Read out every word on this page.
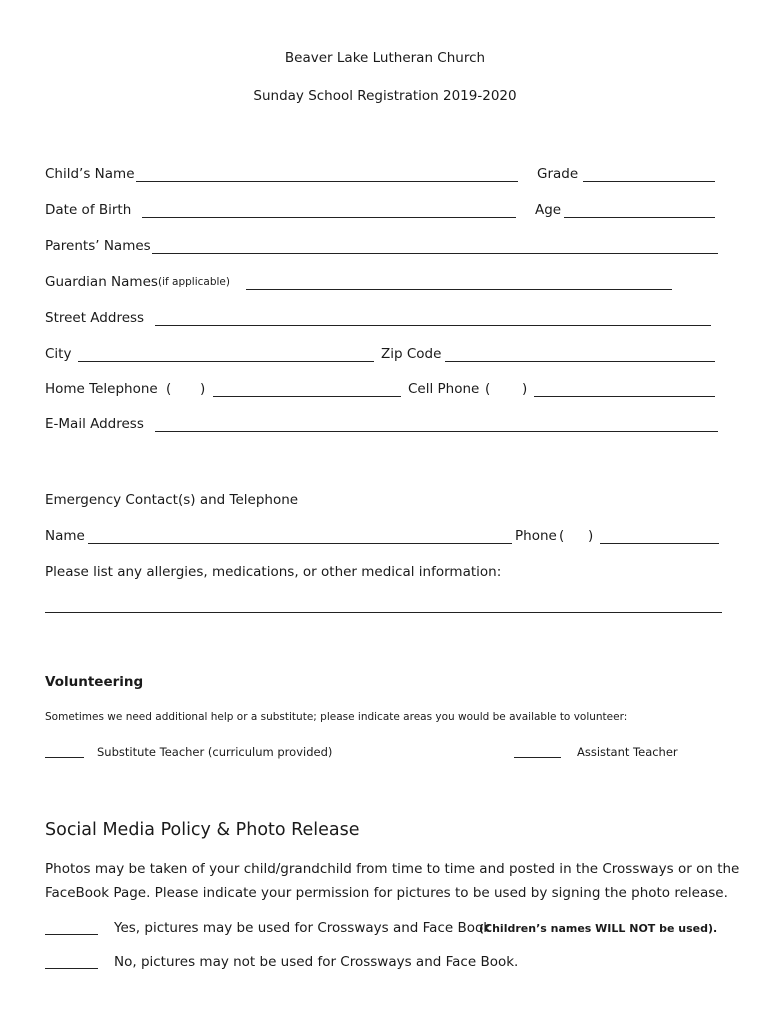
Beaver Lake Lutheran Church
Sunday School Registration 2019-2020
Child’s Name	Grade
Date of Birth	Age
Parents’ Names
Guardian Names (if applicable)
Street Address
City	Zip Code
Home Telephone ( )	Cell Phone ( )
E-Mail Address
Emergency Contact(s) and Telephone
Name	Phone ( )
Please list any allergies, medications, or other medical information:
Volunteering
Sometimes we need additional help or a substitute; please indicate areas you would be available to volunteer:
Substitute Teacher (curriculum provided)	Assistant Teacher
Social Media Policy & Photo Release
Photos may be taken of your child/grandchild from time to time and posted in the Crossways or on the
FaceBook Page. Please indicate your permission for pictures to be used by signing the photo release.
Yes, pictures may be used for Crossways and Face Book
(Children’s names WILL NOT be used).
No, pictures may not be used for Crossways and Face Book.
